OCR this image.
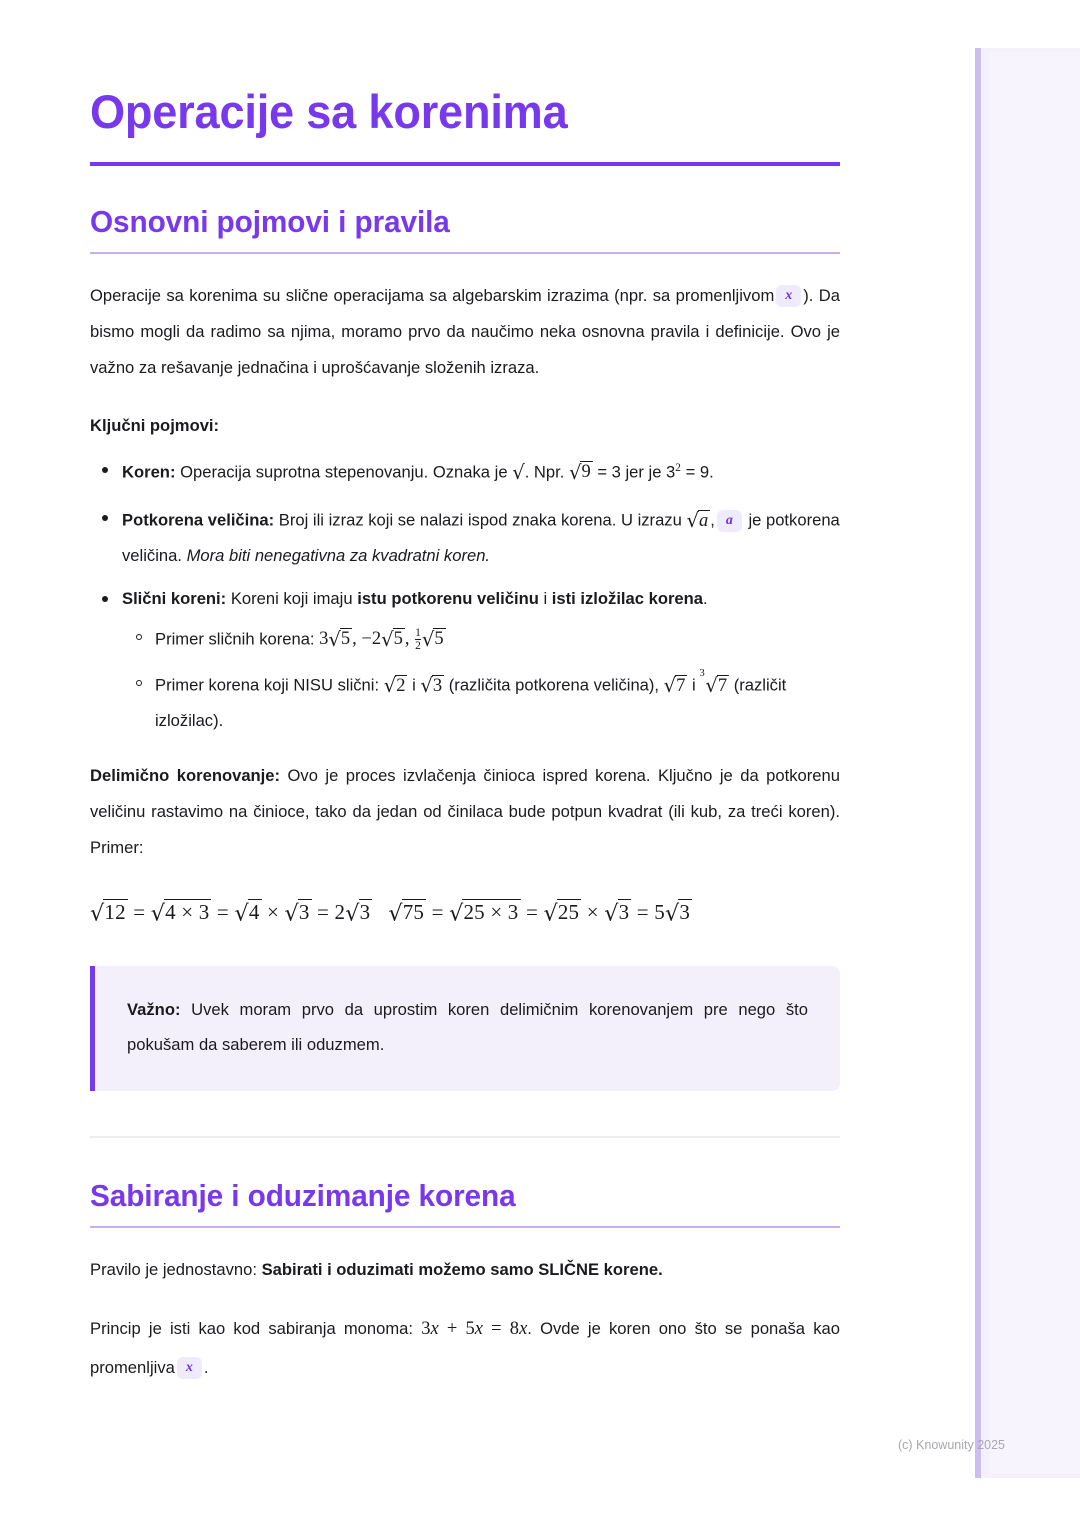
Operacije sa korenima
Osnovni pojmovi i pravila

Operacije sa korenima su slične operacijama sa algebarskim izrazima (npr. sa promenljivom x ). Da bismo mogli da radimo sa njima, moramo prvo da naučimo neka osnovna pravila i definicije. Ovo je važno za rešavanje jednačina i uprošćavanje složenih izraza.

Ključni pojmovi:

Koren: Operacija suprotna stepenovanju. Oznaka je √. Npr. √9 = 3 jer je $3^2 = 9$.
Potkorena veličina: Broj ili izraz koji se nalazi ispod znaka korena. U izrazu √a , a je potkorena veličina. Mora biti nenegativna za kvadratni koren.
Slični koreni: Koreni koji imaju istu potkorenu veličinu i isti izložilac korena.
Primer sličnih korena: 3√5 , −2√5 , $\frac{1}{2} √5$
Primer korena koji NISU slični: √2 i √3 (različita potkorena veličina), √7 i
3
√7 (različit izložilac).

Delimično korenovanje: Ovo je proces izvlačenja činioca ispred korena. Ključno je da potkorenu veličinu rastavimo na činioce, tako da jedan od činilaca bude potpun kvadrat (ili kub, za treći koren). Primer:

√12 = √4 × 3 = √4 × √3 = 2√3 √75 = √25 × 3 = √25 × √3 = 5√3

Važno: Uvek moram prvo da uprostim koren delimičnim korenovanjem pre nego što pokušam da saberem ili oduzmem.

Sabiranje i oduzimanje korena

Pravilo je jednostavno: Sabirati i oduzimati možemo samo SLIČNE korene.

Princip je isti kao kod sabiranja monoma: 3x + 5x = 8x. Ovde je koren ono što se ponaša kao promenljiva x .

(c) Knowunity 2025
